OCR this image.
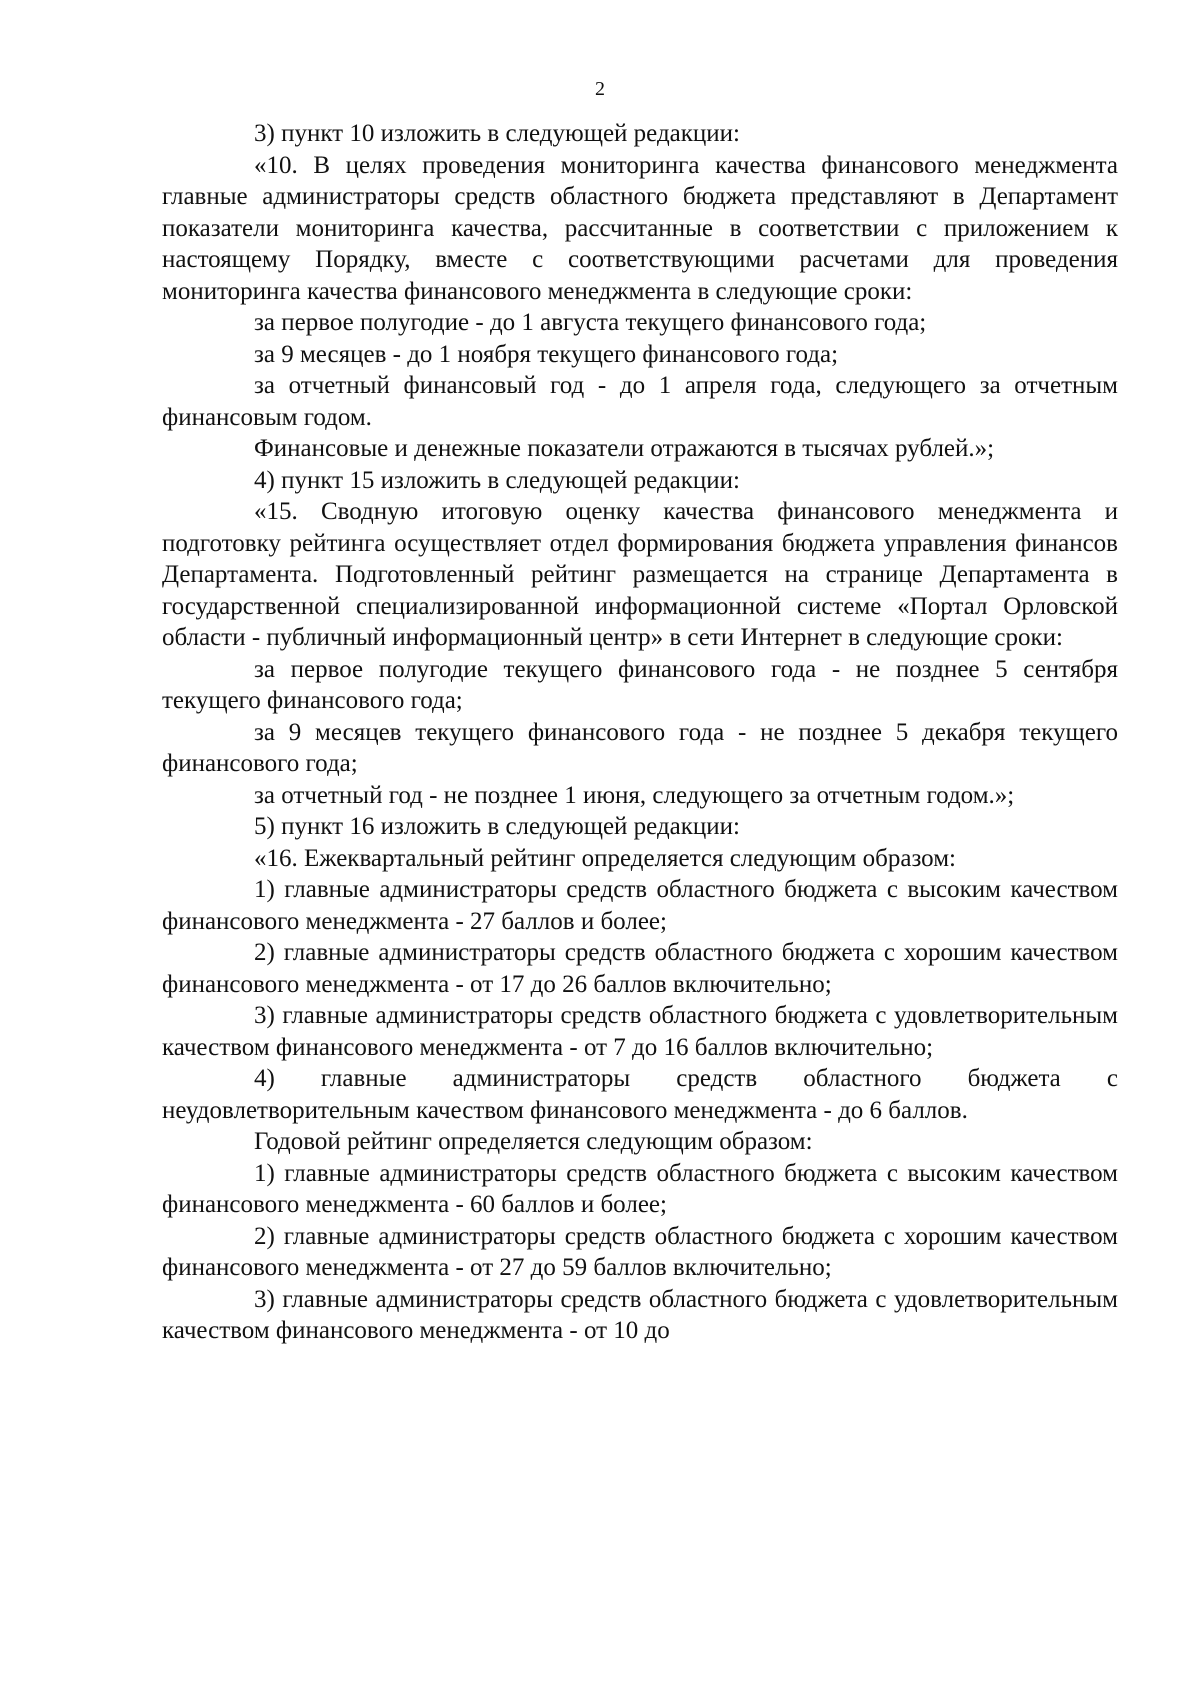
2

3) пункт 10 изложить в следующей редакции:

«10. В целях проведения мониторинга качества финансового менеджмента главные администраторы средств областного бюджета представляют в Департамент показатели мониторинга качества, рассчитанные в соответствии с приложением к настоящему Порядку, вместе с соответствующими расчетами для проведения мониторинга качества финансового менеджмента в следующие сроки:

за первое полугодие - до 1 августа текущего финансового года;

за 9 месяцев - до 1 ноября текущего финансового года;

за отчетный финансовый год - до 1 апреля года, следующего за отчетным финансовым годом.

Финансовые и денежные показатели отражаются в тысячах рублей.»;

4) пункт 15 изложить в следующей редакции:

«15. Сводную итоговую оценку качества финансового менеджмента и подготовку рейтинга осуществляет отдел формирования бюджета управления финансов Департамента. Подготовленный рейтинг размещается на странице Департамента в государственной специализированной информационной системе «Портал Орловской области - публичный информационный центр» в сети Интернет в следующие сроки:

за первое полугодие текущего финансового года - не позднее 5 сентября текущего финансового года;

за 9 месяцев текущего финансового года - не позднее 5 декабря текущего финансового года;

за отчетный год - не позднее 1 июня, следующего за отчетным годом.»;

5) пункт 16 изложить в следующей редакции:

«16. Ежеквартальный рейтинг определяется следующим образом:

1) главные администраторы средств областного бюджета с высоким качеством финансового менеджмента - 27 баллов и более;

2) главные администраторы средств областного бюджета с хорошим качеством финансового менеджмента - от 17 до 26 баллов включительно;

3) главные администраторы средств областного бюджета с удовлетворительным качеством финансового менеджмента - от 7 до 16 баллов включительно;

4) главные администраторы средств областного бюджета с неудовлетворительным качеством финансового менеджмента - до 6 баллов.

Годовой рейтинг определяется следующим образом:

1) главные администраторы средств областного бюджета с высоким качеством финансового менеджмента - 60 баллов и более;

2) главные администраторы средств областного бюджета с хорошим качеством финансового менеджмента - от 27 до 59 баллов включительно;

3) главные администраторы средств областного бюджета с удовлетворительным качеством финансового менеджмента - от 10 до
